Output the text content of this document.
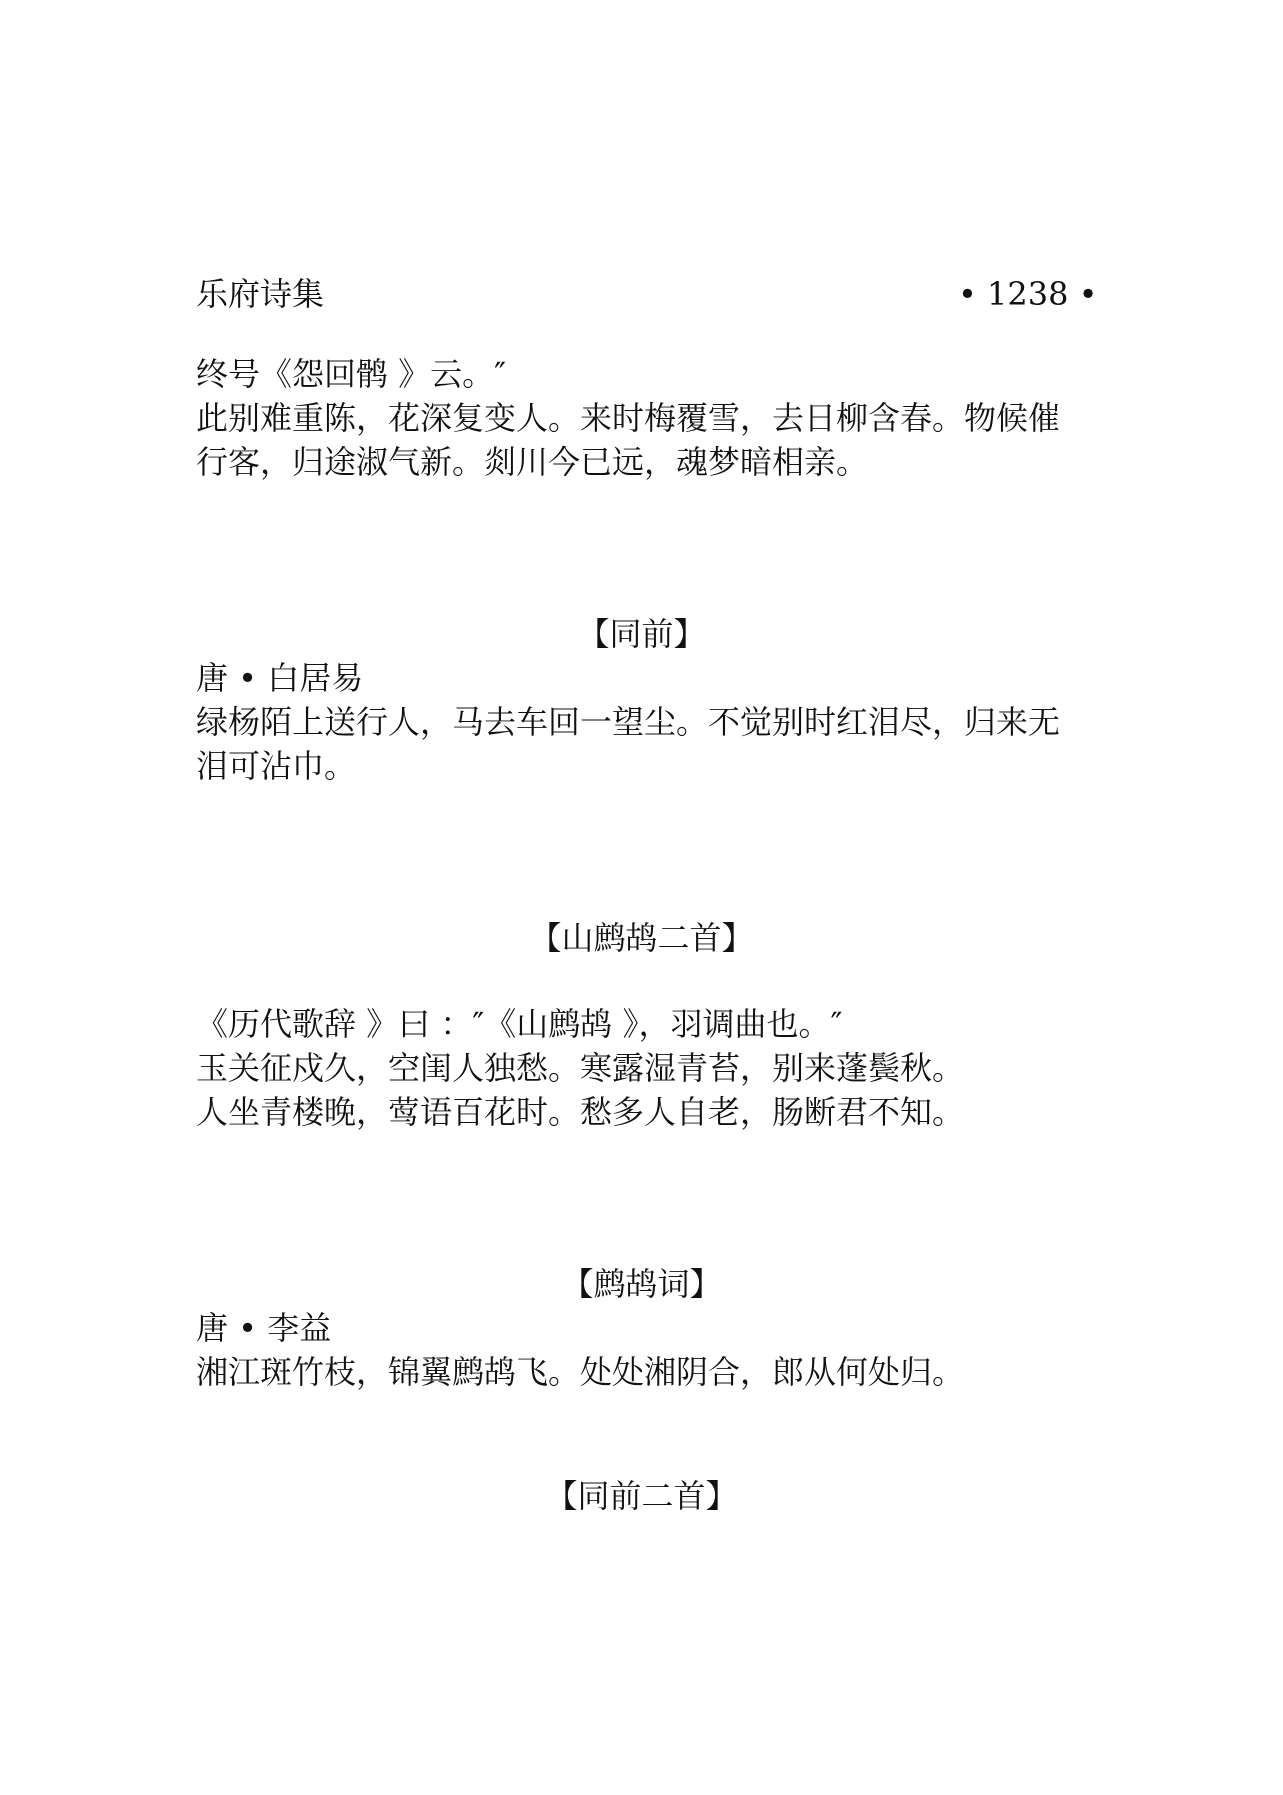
乐府诗集	• 1238 •
终号《怨回鹘 》云。″
此别难重陈，花深复变人。来时梅覆雪，去日柳含春。物候催
行客，归途淑气新。剡川今已远，魂梦暗相亲。
【同前】
唐 • 白居易
绿杨陌上送行人，马去车回一望尘。不觉别时红泪尽，归来无
泪可沾巾。
【山鹧鸪二首】
《历代歌辞 》曰 ：″《山鹧鸪 》，羽调曲也。″
玉关征戍久，空闺人独愁。寒露湿青苔，别来蓬鬓秋。
人坐青楼晚，莺语百花时。愁多人自老，肠断君不知。
【鹧鸪词】
唐 • 李益
湘江斑竹枝，锦翼鹧鸪飞。处处湘阴合，郎从何处归。
【同前二首】
